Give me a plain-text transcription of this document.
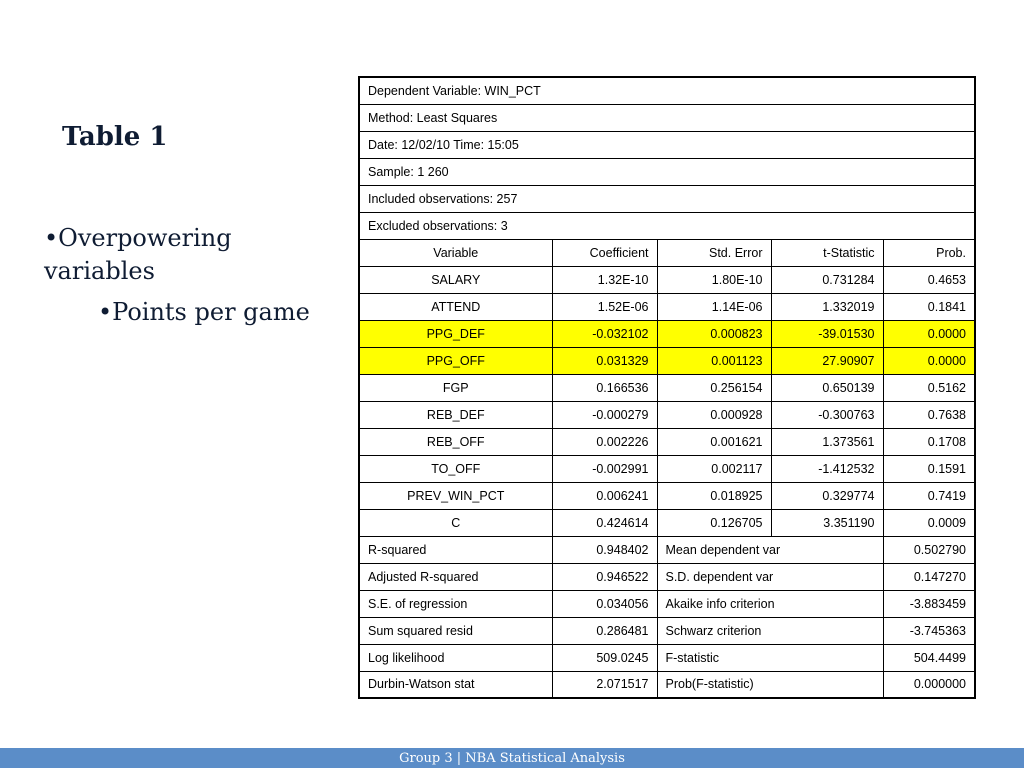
Table 1
•Overpowering variables
•Points per game
Dependent Variable: WIN_PCT				
Method: Least Squares				
Date: 12/02/10 Time: 15:05				
Sample: 1 260				
Included observations: 257				
Excluded observations: 3				
Variable	Coefficient	Std. Error	t-Statistic	Prob.
SALARY	1.32E-10	1.80E-10	0.731284	0.4653
ATTEND	1.52E-06	1.14E-06	1.332019	0.1841
PPG_DEF	-0.032102	0.000823	-39.01530	0.0000
PPG_OFF	0.031329	0.001123	27.90907	0.0000
FGP	0.166536	0.256154	0.650139	0.5162
REB_DEF	-0.000279	0.000928	-0.300763	0.7638
REB_OFF	0.002226	0.001621	1.373561	0.1708
TO_OFF	-0.002991	0.002117	-1.412532	0.1591
PREV_WIN_PCT	0.006241	0.018925	0.329774	0.7419
C	0.424614	0.126705	3.351190	0.0009
R-squared	0.948402	Mean dependent var		0.502790
Adjusted R-squared	0.946522	S.D. dependent var		0.147270
S.E. of regression	0.034056	Akaike info criterion		-3.883459
Sum squared resid	0.286481	Schwarz criterion		-3.745363
Log likelihood	509.0245	F-statistic		504.4499
Durbin-Watson stat	2.071517	Prob(F-statistic)		0.000000
Group 3 | NBA Statistical Analysis
